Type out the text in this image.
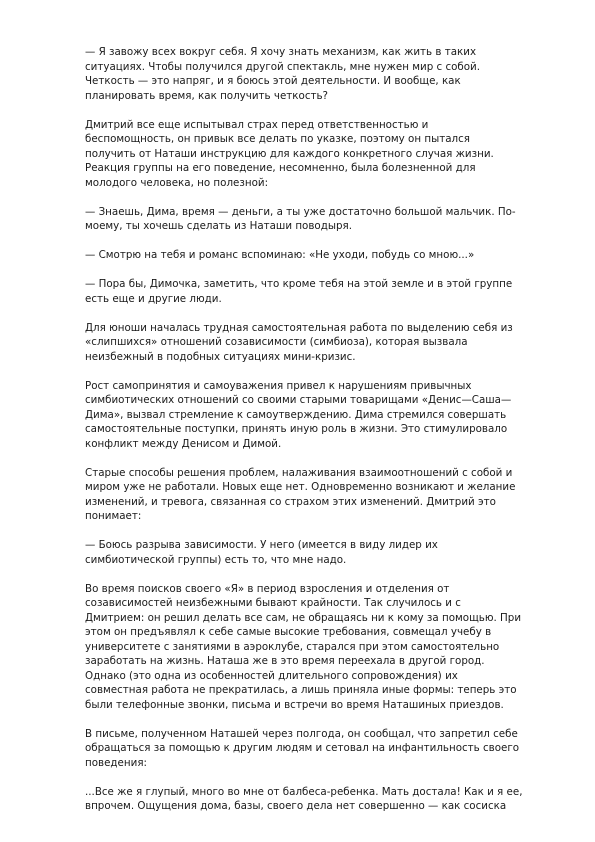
— Я завожу всех вокруг себя. Я хочу знать механизм, как жить в таких
ситуациях. Чтобы получился другой спектакль, мне нужен мир с собой.
Четкость — это напряг, и я боюсь этой деятельности. И вообще, как
планировать время, как получить четкость?

Дмитрий все еще испытывал страх перед ответственностью и
беспомощность, он привык все делать по указке, поэтому он пытался
получить от Наташи инструкцию для каждого конкретного случая жизни.
Реакция группы на его поведение, несомненно, была болезненной для
молодого человека, но полезной:

— Знаешь, Дима, время — деньги, а ты уже достаточно большой мальчик. По-
моему, ты хочешь сделать из Наташи поводыря.

— Смотрю на тебя и романс вспоминаю: «Не уходи, побудь со мною...»

— Пора бы, Димочка, заметить, что кроме тебя на этой земле и в этой группе
есть еще и другие люди.

Для юноши началась трудная самостоятельная работа по выделению себя из
«слипшихся» отношений созависимости (симбиоза), которая вызвала
неизбежный в подобных ситуациях мини-кризис.

Рост самопринятия и самоуважения привел к нарушениям привычных
симбиотических отношений со своими старыми товарищами «Денис—Саша—
Дима», вызвал стремление к самоутверждению. Дима стремился совершать
самостоятельные поступки, принять иную роль в жизни. Это стимулировало
конфликт между Денисом и Димой.

Старые способы решения проблем, налаживания взаимоотношений с собой и
миром уже не работали. Новых еще нет. Одновременно возникают и желание
изменений, и тревога, связанная со страхом этих изменений. Дмитрий это
понимает:

— Боюсь разрыва зависимости. У него (имеется в виду лидер их
симбиотической группы) есть то, что мне надо.

Во время поисков своего «Я» в период взросления и отделения от
созависимостей неизбежными бывают крайности. Так случилось и с
Дмитрием: он решил делать все сам, не обращаясь ни к кому за помощью. При
этом он предъявлял к себе самые высокие требования, совмещал учебу в
университете с занятиями в аэроклубе, старался при этом самостоятельно
заработать на жизнь. Наташа же в это время переехала в другой город.
Однако (это одна из особенностей длительного сопровождения) их
совместная работа не прекратилась, а лишь приняла иные формы: теперь это
были телефонные звонки, письма и встречи во время Наташиных приездов.

В письме, полученном Наташей через полгода, он сообщал, что запретил себе
обращаться за помощью к другим людям и сетовал на инфантильность своего
поведения:

...Все же я глупый, много во мне от балбеса-ребенка. Мать достала! Как и я ее,
впрочем. Ощущения дома, базы, своего дела нет совершенно — как сосиска
